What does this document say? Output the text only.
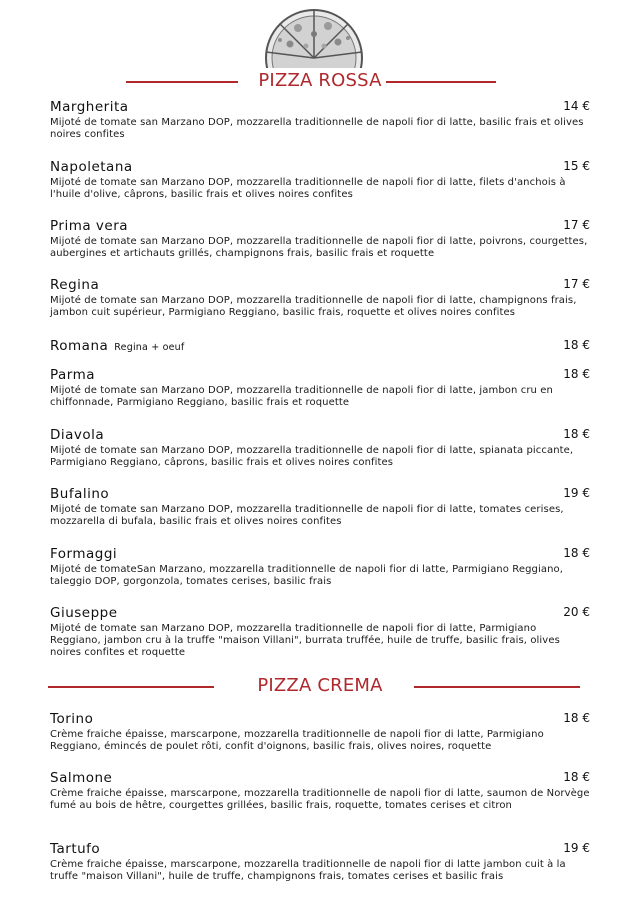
PIZZA ROSSA
Margherita	14 €
Mijoté de tomate san Marzano DOP, mozzarella traditionnelle de napoli fior di latte, basilic frais et olives noires confites
Napoletana	15 €
Mijoté de tomate san Marzano DOP, mozzarella traditionnelle de napoli fior di latte, filets d'anchois à l'huile d'olive, câprons, basilic frais et olives noires confites
Prima vera	17 €
Mijoté de tomate san Marzano DOP, mozzarella traditionnelle de napoli fior di latte, poivrons, courgettes, aubergines et artichauts grillés, champignons frais, basilic frais et roquette
Regina	17 €
Mijoté de tomate san Marzano DOP, mozzarella traditionnelle de napoli fior di latte, champignons frais, jambon cuit supérieur, Parmigiano Reggiano, basilic frais, roquette et olives noires confites
Romana Regina + oeuf	18 €
Parma	18 €
Mijoté de tomate san Marzano DOP, mozzarella traditionnelle de napoli fior di latte, jambon cru en chiffonnade, Parmigiano Reggiano, basilic frais et roquette
Diavola	18 €
Mijoté de tomate san Marzano DOP, mozzarella traditionnelle de napoli fior di latte, spianata piccante, Parmigiano Reggiano, câprons, basilic frais et olives noires confites
Bufalino	19 €
Mijoté de tomate san Marzano DOP, mozzarella traditionnelle de napoli fior di latte, tomates cerises, mozzarella di bufala, basilic frais et olives noires confites
Formaggi	18 €
Mijoté de tomateSan Marzano, mozzarella traditionnelle de napoli fior di latte, Parmigiano Reggiano, taleggio DOP, gorgonzola, tomates cerises, basilic frais
Giuseppe	20 €
Mijoté de tomate san Marzano DOP, mozzarella traditionnelle de napoli fior di latte, Parmigiano Reggiano, jambon cru à la truffe "maison Villani", burrata truffée, huile de truffe, basilic frais, olives noires confites et roquette
PIZZA CREMA
Torino	18 €
Crème fraiche épaisse, marscarpone, mozzarella traditionnelle de napoli fior di latte, Parmigiano Reggiano, émincés de poulet rôti, confit d'oignons, basilic frais, olives noires, roquette
Salmone	18 €
Crème fraiche épaisse, marscarpone, mozzarella traditionnelle de napoli fior di latte, saumon de Norvège fumé au bois de hêtre, courgettes grillées, basilic frais, roquette, tomates cerises et citron
Tartufo	19 €
Crème fraiche épaisse, marscarpone, mozzarella traditionnelle de napoli fior di latte jambon cuit à la truffe "maison Villani", huile de truffe, champignons frais, tomates cerises et basilic frais
